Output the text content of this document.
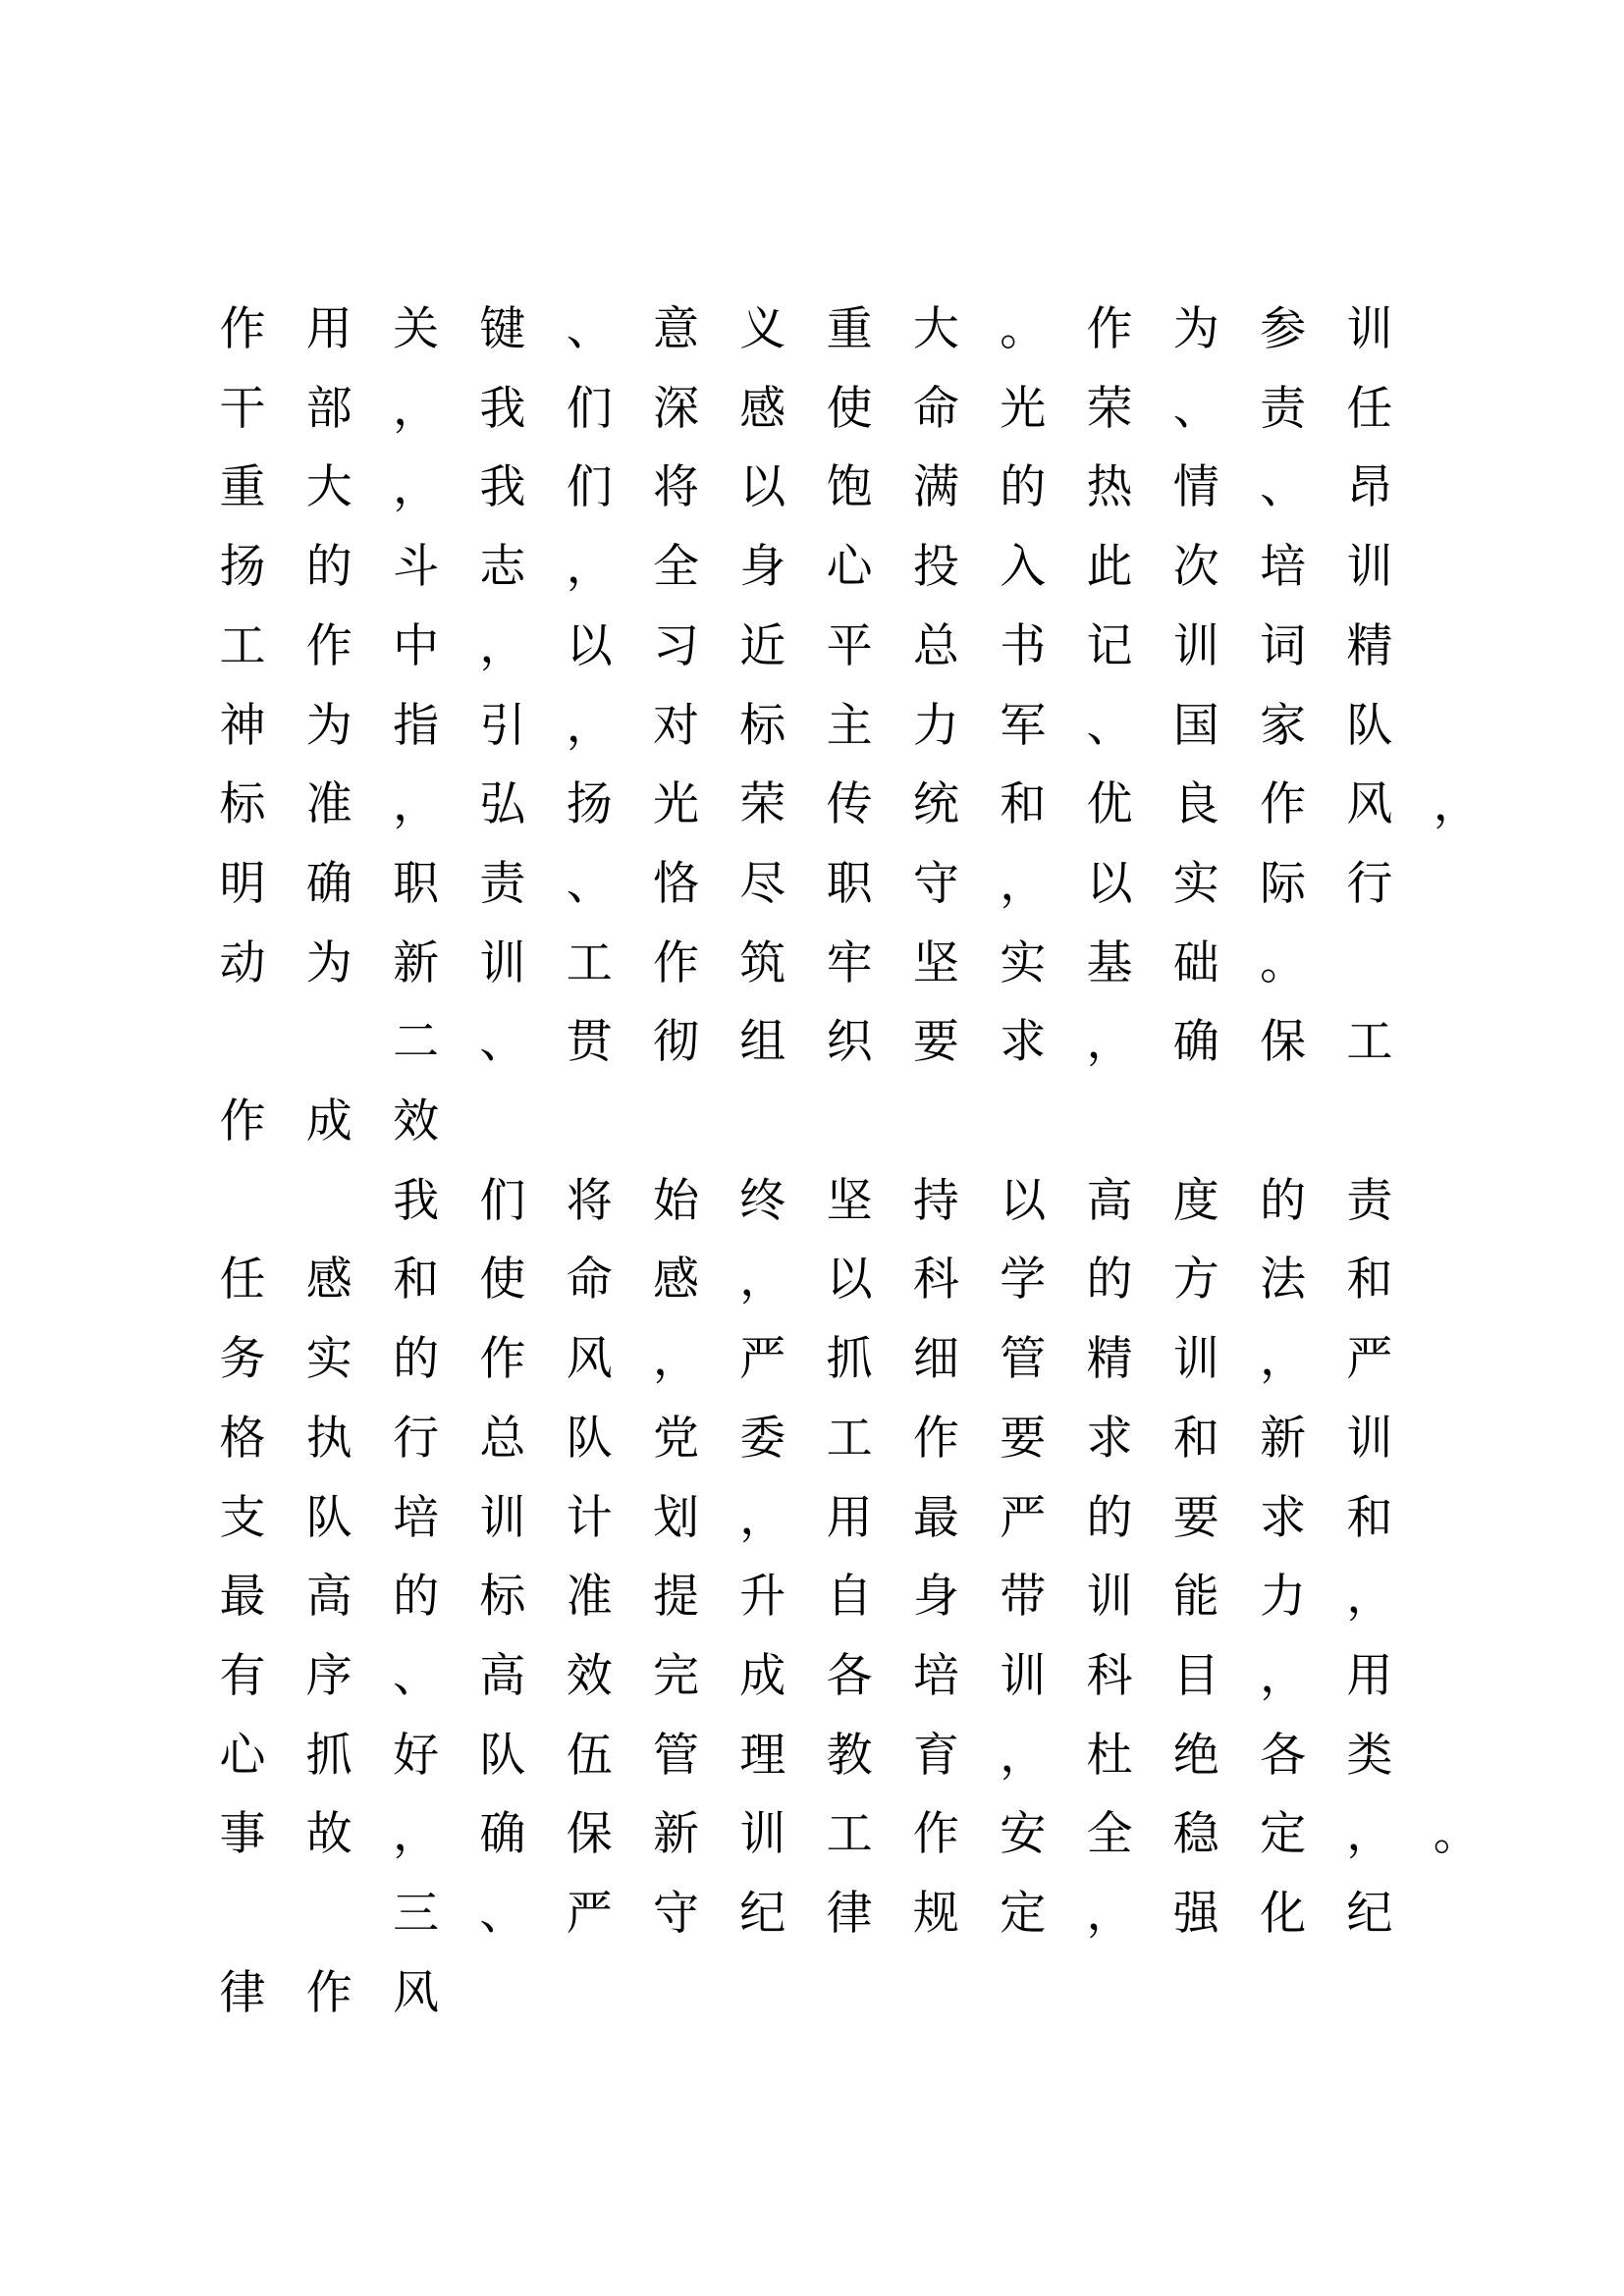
作 用 关 键 、 意 义 重 大 。 作 为 参 训
干 部 ， 我 们 深 感 使 命 光 荣 、 责 任
重 大 ， 我 们 将 以 饱 满 的 热 情 、 昂
扬 的 斗 志 ， 全 身 心 投 入 此 次 培 训
工 作 中 ， 以 习 近 平 总 书 记 训 词 精
神 为 指 引 ， 对 标 主 力 军 、 国 家 队
标 准 ， 弘 扬 光 荣 传 统 和 优 良 作 风 ，
明 确 职 责 、 恪 尽 职 守 ， 以 实 际 行
动 为 新 训 工 作 筑 牢 坚 实 基 础 。
二 、 贯 彻 组 织 要 求 ， 确 保 工
作 成 效
我 们 将 始 终 坚 持 以 高 度 的 责
任 感 和 使 命 感 ， 以 科 学 的 方 法 和
务 实 的 作 风 ， 严 抓 细 管 精 训 ， 严
格 执 行 总 队 党 委 工 作 要 求 和 新 训
支 队 培 训 计 划 ， 用 最 严 的 要 求 和
最 高 的 标 准 提 升 自 身 带 训 能 力 ，
有 序 、 高 效 完 成 各 培 训 科 目 ， 用
心 抓 好 队 伍 管 理 教 育 ， 杜 绝 各 类
事 故 ， 确 保 新 训 工 作 安 全 稳 定 ， 。
三 、 严 守 纪 律 规 定 ， 强 化 纪
律 作 风
